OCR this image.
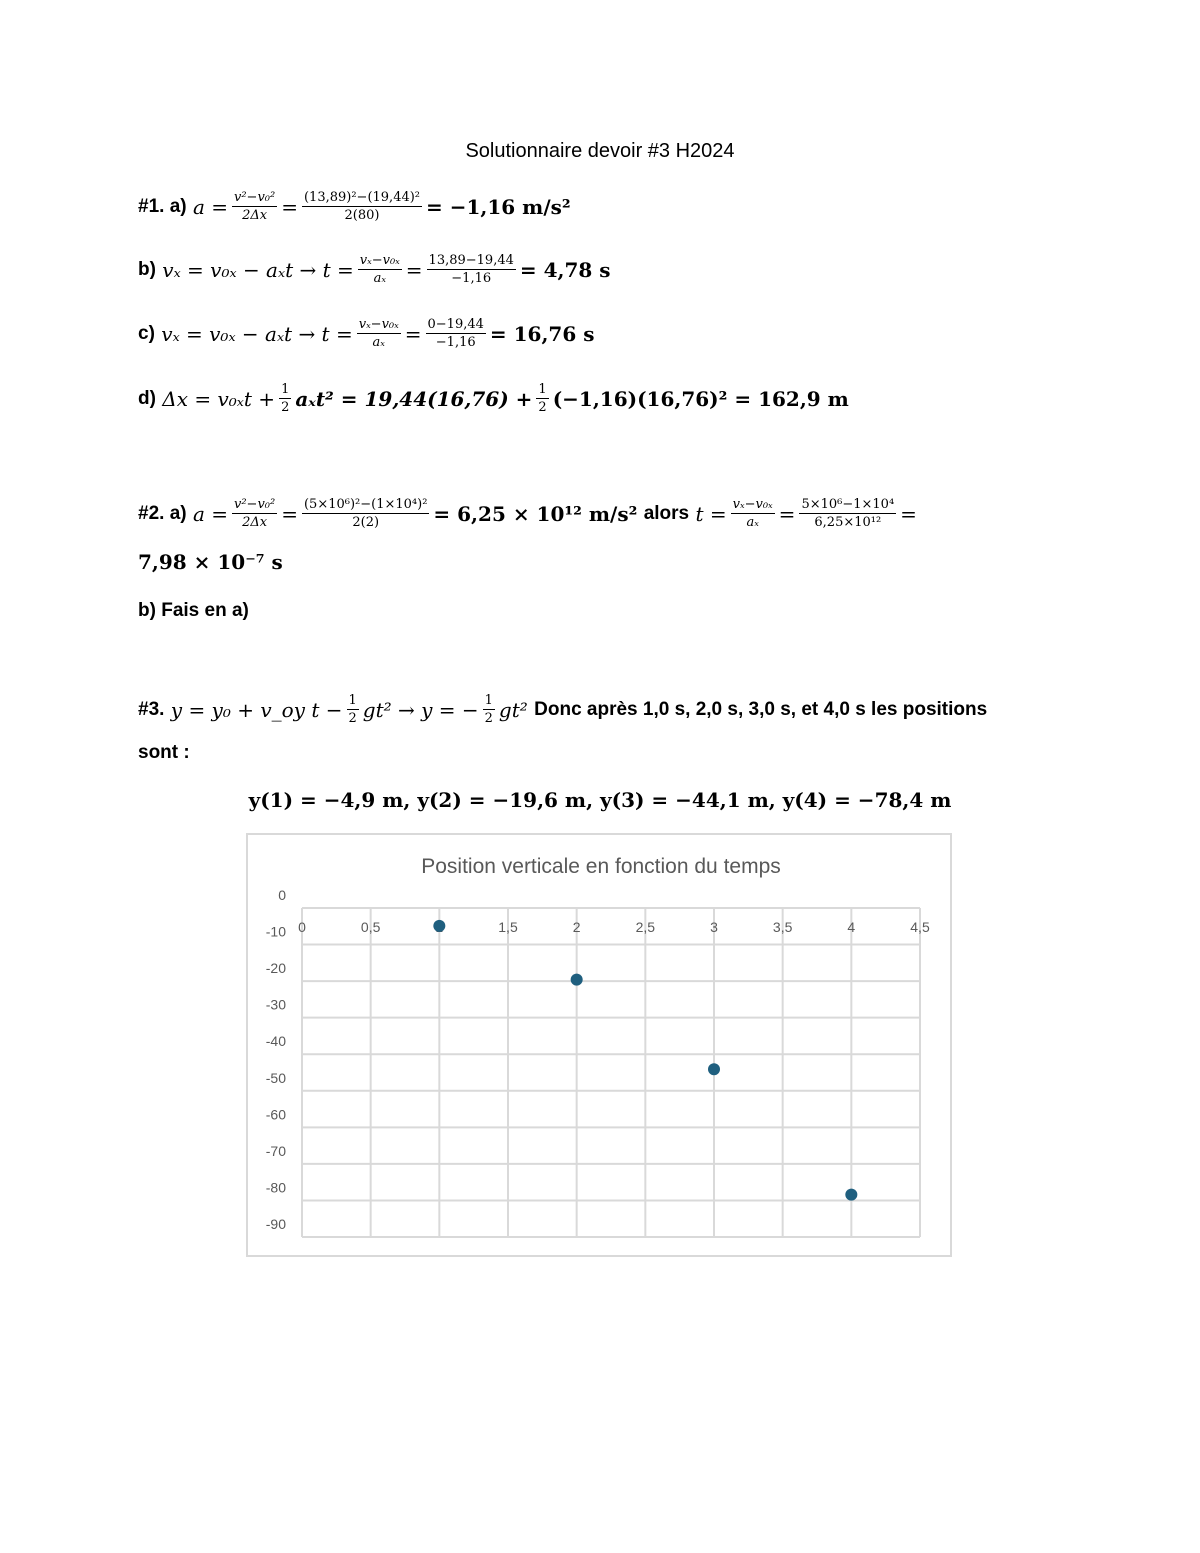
Solutionnaire devoir #3 H2024
#1. a)
$a = \frac{\text{v²−v₀²}}{2\Delta x} = \frac{\text{(13,89)²−(19,44)²}}{2(80)} = -1,16$ m/s²
b)
$v_x = v_{0x} - a_xt \to t = \frac{\text{vₓ−v₀ₓ}}{\text{aₓ}} = \frac{13,89-19,44}{-1,16} = 4,78$ s
c)
$v_x = v_{0x} - a_xt \to t = \frac{\text{vₓ−v₀ₓ}}{\text{aₓ}} = \frac{0-19,44}{-1,16} = 16,76$ s
d)
$\Delta x = v_{0x}t + \frac{1}{2} a_xt^2 = 19,44(16,76) + \frac{1}{2} (-1,16)(16,76)^2 = 162,9$ m
#2. a)
$a = \frac{\text{v²−v₀²}}{2\Delta x} = \frac{\text{(5×10⁶)²−(1×10⁴)²}}{2(2)} = 6,25 \times 10^{12}$ m/s²
alors
$t = \frac{\text{vₓ−v₀ₓ}}{\text{aₓ}} = \frac{\text{5×10⁶−1×10⁴}}{\text{6,25×10¹²}}$ =
7,98 × 10⁻⁷ s
b) Fais en a)
#3.
y = y₀ + v_oy $t - \frac{1}{2} gt^2 \to y$ = − $\frac{1}{2} gt^2$
Donc après 1,0 s, 2,0 s, 3,0 s, et 4,0 s les positions
sont :
y(1) = −4,9 m, y(2) = −19,6 m, y(3) = −44,1 m, y(4) = −78,4 m
Position verticale en fonction du temps
0
-10
-20
-30
-40
-50
-60
-70
-80
-90
0	0,5	1,5	2	2,5	3	3,5	4	4,5
